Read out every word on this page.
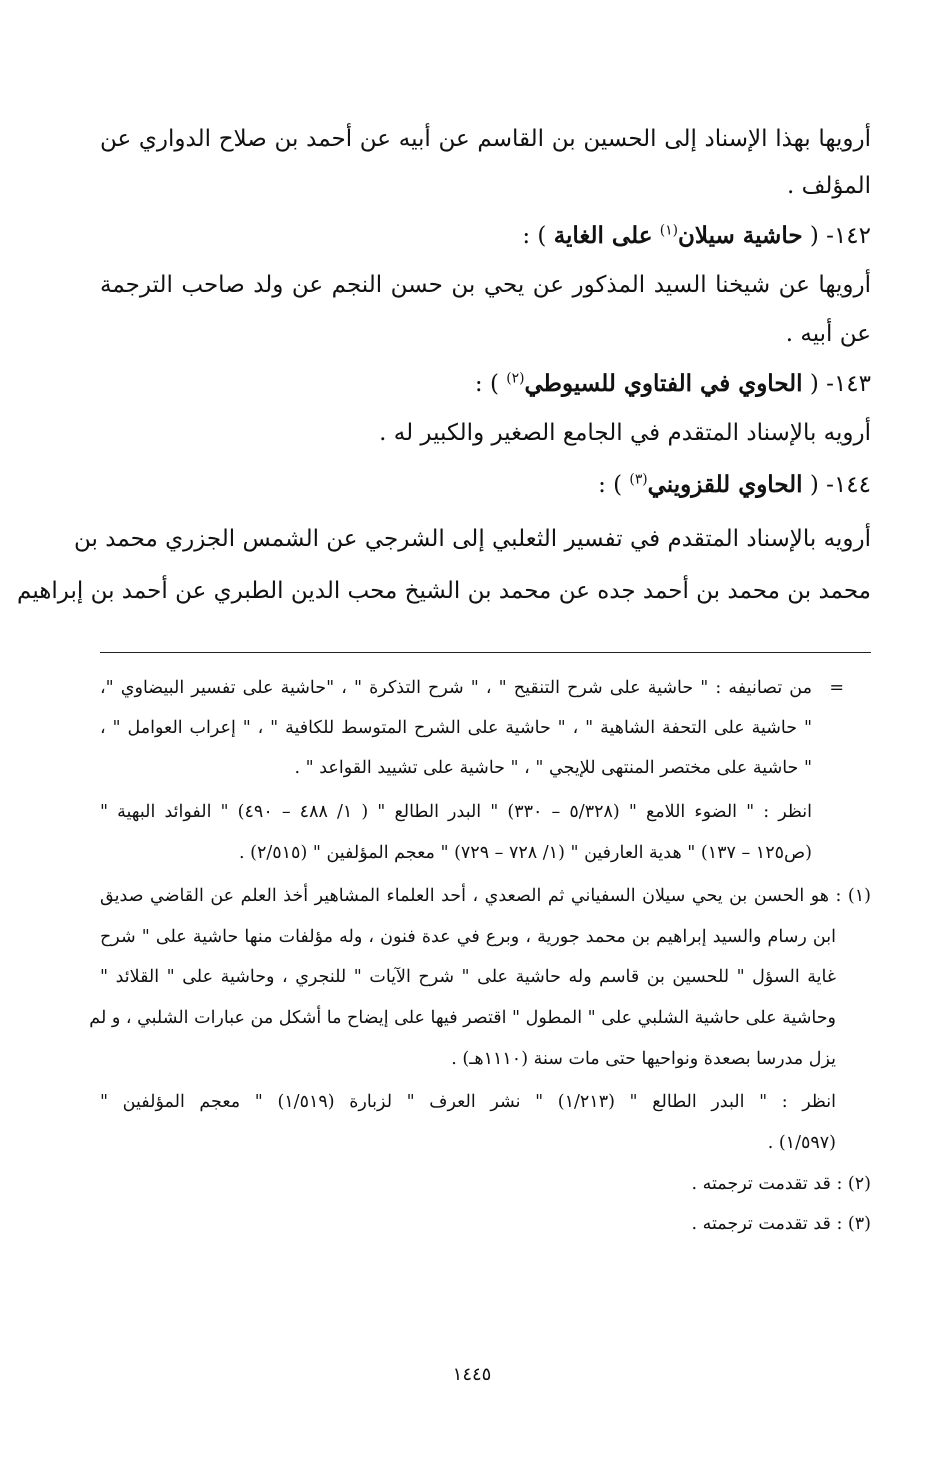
أرويها بهذا الإسناد إلى الحسين بن القاسم عن أبيه عن أحمد بن صلاح الدواري عن
المؤلف .
١٤٢- ( حاشية سيلان$^{(١)}$ على الغاية ) :
أرويها عن شيخنا السيد المذكور عن يحي بن حسن النجم عن ولد صاحب الترجمة
عن أبيه .
١٤٣- ( الحاوي في الفتاوي للسيوطي$^{(٢)}$ ) :
أرويه بالإسناد المتقدم في الجامع الصغير والكبير له .
١٤٤- ( الحاوي للقزويني$^{(٣)}$ ) :
أرويه بالإسناد المتقدم في تفسير الثعلبي إلى الشرجي عن الشمس الجزري محمد بن
محمد بن محمد بن أحمد جده عن محمد بن الشيخ محب الدين الطبري عن أحمد بن إبراهيم
=
من تصانيفه : " حاشية على شرح التنقيح " ، " شرح التذكرة " ، "حاشية على تفسير البيضاوي "،
" حاشية على التحفة الشاهية " ، " حاشية على الشرح المتوسط للكافية " ، " إعراب العوامل " ،
" حاشية على مختصر المنتهى للإيجي " ، " حاشية على تشييد القواعد " .
انظر : " الضوء اللامع " (٥/٣٢٨ – ٣٣٠) " البدر الطالع " ( ١/ ٤٨٨ – ٤٩٠) " الفوائد البهية "
(ص١٢٥ – ١٣٧) " هدية العارفين " (١/ ٧٢٨ – ٧٢٩) " معجم المؤلفين " (٢/٥١٥) .
(١) : هو الحسن بن يحي سيلان السفياني ثم الصعدي ، أحد العلماء المشاهير أخذ العلم عن القاضي صديق
ابن رسام والسيد إبراهيم بن محمد جورية ، وبرع في عدة فنون ، وله مؤلفات منها حاشية على " شرح
غاية السؤل " للحسين بن قاسم وله حاشية على " شرح الآيات " للنجري ، وحاشية على " القلائد "
وحاشية على حاشية الشلبي على " المطول " اقتصر فيها على إيضاح ما أشكل من عبارات الشلبي ، و لم
يزل مدرسا بصعدة ونواحيها حتى مات سنة (١١١٠هـ) .
انظر : " البدر الطالع " (١/٢١٣) " نشر العرف " لزبارة (١/٥١٩) " معجم المؤلفين "
(١/٥٩٧) .
(٢) : قد تقدمت ترجمته .
(٣) : قد تقدمت ترجمته .
١٤٤٥
